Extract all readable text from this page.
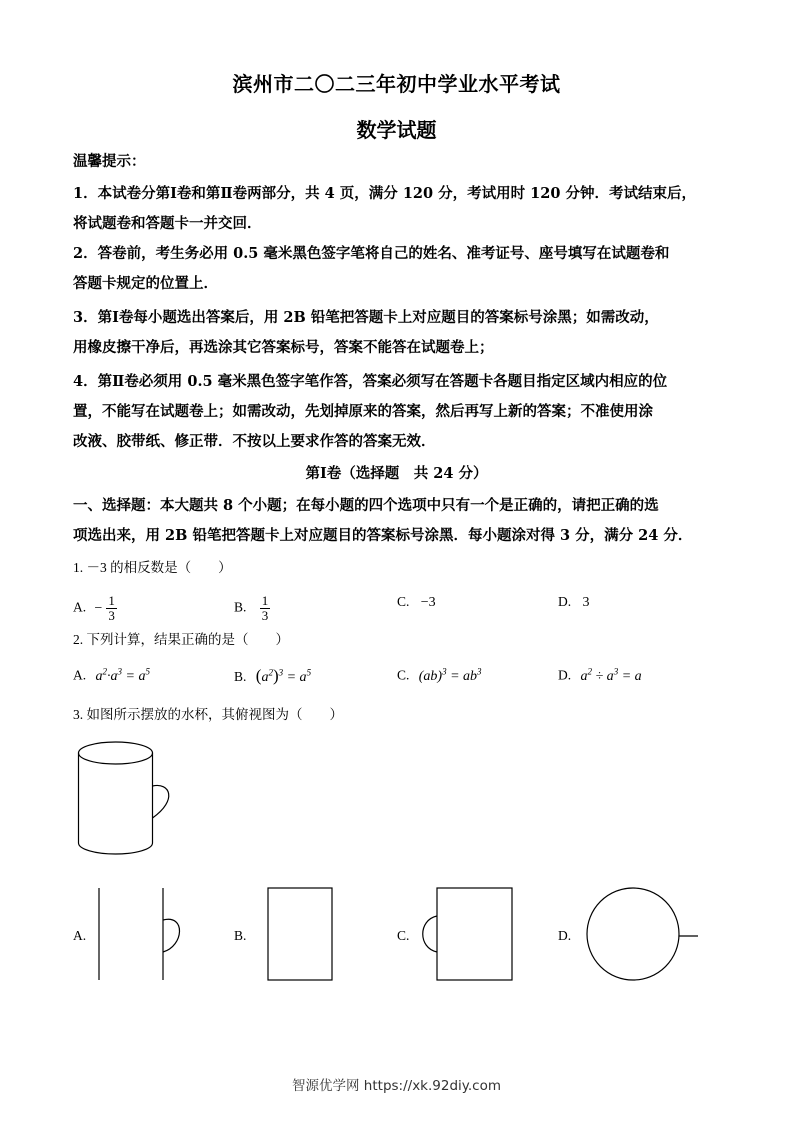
滨州市二〇二三年初中学业水平考试
数学试题
温馨提示：
1．本试卷分第Ⅰ卷和第Ⅱ卷两部分，共 4 页，满分 120 分，考试用时 120 分钟．考试结束后，
将试题卷和答题卡一并交回．
2．答卷前，考生务必用 0.5 毫米黑色签字笔将自己的姓名、准考证号、座号填写在试题卷和
答题卡规定的位置上．
3．第Ⅰ卷每小题选出答案后，用 2B 铅笔把答题卡上对应题目的答案标号涂黑；如需改动，
用橡皮擦干净后，再选涂其它答案标号，答案不能答在试题卷上；
4．第Ⅱ卷必须用 0.5 毫米黑色签字笔作答，答案必须写在答题卡各题目指定区域内相应的位
置，不能写在试题卷上；如需改动，先划掉原来的答案，然后再写上新的答案；不准使用涂
改液、胶带纸、修正带．不按以上要求作答的答案无效．
第Ⅰ卷（选择题　共 24 分）
一、选择题：本大题共 8 个小题；在每小题的四个选项中只有一个是正确的，请把正确的选
项选出来，用 2B 铅笔把答题卡上对应题目的答案标号涂黑．每小题涂对得 3 分，满分 24 分．
1. －3 的相反数是（　　）
A. − $\frac{1}{3}$	B. $\frac{1}{3}$	C. −3	D. 3
2. 下列计算，结果正确的是（　　）
A. $a^2\cdot a^3 = a^5$	B. $(a^2)^3 = a^5$	C. $(ab)^3 = ab^3$	D. $a^2 \div a^3 = a$
3. 如图所示摆放的水杯，其俯视图为（　　）
A.	B.	C.	D.
智源优学网 https://xk.92diy.com
